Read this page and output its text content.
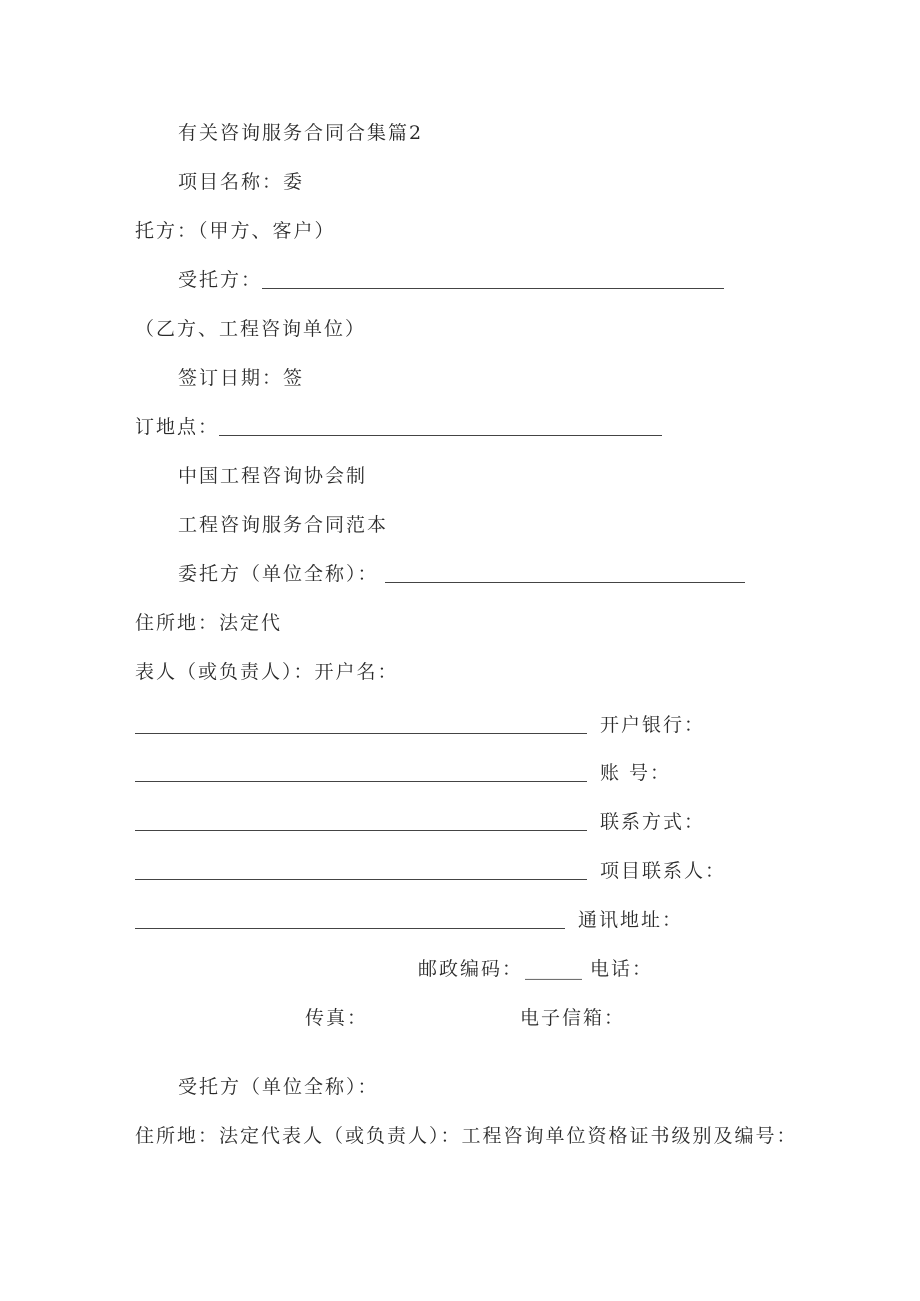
有关咨询服务合同合集篇2
项目名称：委
托方：（甲方、客户）
受托方：
（乙方、工程咨询单位）
签订日期：签
订地点：
中国工程咨询协会制
工程咨询服务合同范本
委托方（单位全称）：
住所地：法定代
表人（或负责人）：开户名：
开户银行：
账 号：
联系方式：
项目联系人：
通讯地址：
邮政编码： ______ 电话：
传真：	电子信箱：
受托方（单位全称）：
住所地：法定代表人（或负责人）：工程咨询单位资格证书级别及编号：
